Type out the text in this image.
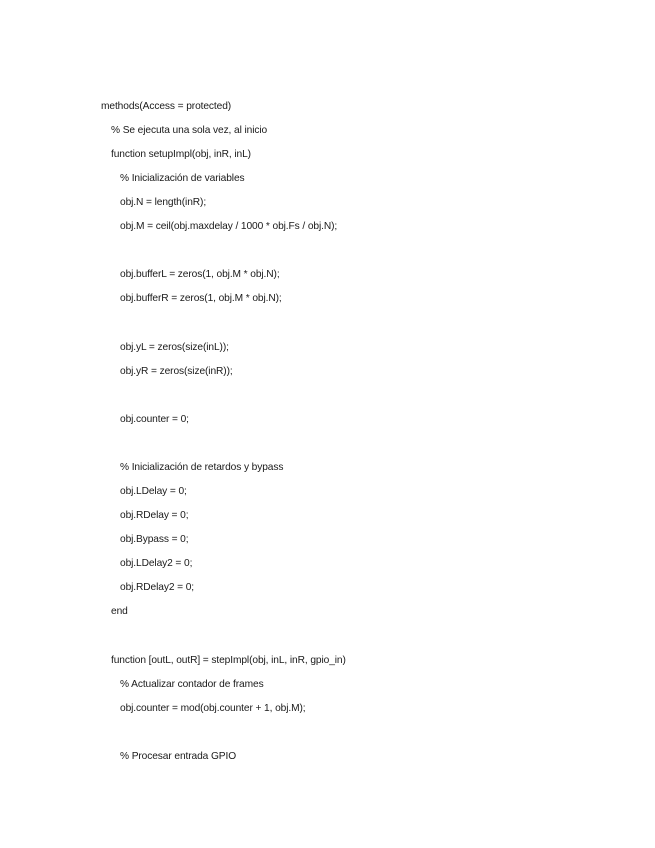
methods(Access = protected)
% Se ejecuta una sola vez, al inicio
function setupImpl(obj, inR, inL)
% Inicialización de variables
obj.N = length(inR);
obj.M = ceil(obj.maxdelay / 1000 * obj.Fs / obj.N);
obj.bufferL = zeros(1, obj.M * obj.N);
obj.bufferR = zeros(1, obj.M * obj.N);
obj.yL = zeros(size(inL));
obj.yR = zeros(size(inR));
obj.counter = 0;
% Inicialización de retardos y bypass
obj.LDelay = 0;
obj.RDelay = 0;
obj.Bypass = 0;
obj.LDelay2 = 0;
obj.RDelay2 = 0;
end
function [outL, outR] = stepImpl(obj, inL, inR, gpio_in)
% Actualizar contador de frames
obj.counter = mod(obj.counter + 1, obj.M);
% Procesar entrada GPIO
